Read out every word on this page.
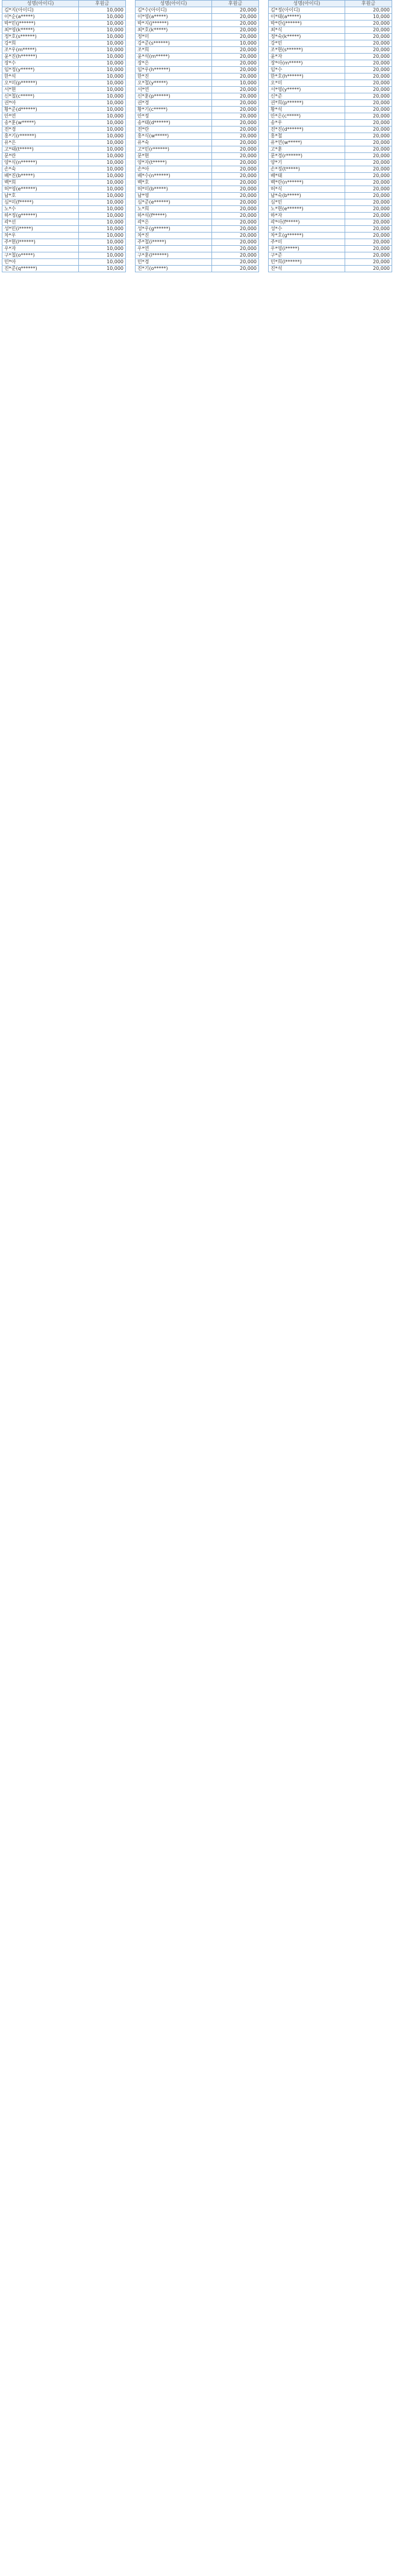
성명(아이디)	후원금
김*지(아이디)	10,000
이*순(a*****)	10,000
박*민(j******)	10,000
최*영(k*****)	10,000
정*호(s******)	10,000
강*희	10,000
조*우(m*****)	10,000
윤*진(h******)	10,000
장*수	10,000
임*정(y*****)	10,000
한*석	10,000
오*미(p******)	10,000
서*현	10,000
신*철(c*****)	10,000
권*아	10,000
황*준(d******)	10,000
안*연	10,000
송*훈(w*****)	10,000
전*경	10,000
홍*기(r******)	10,000
유*은	10,000
고*태(t*****)	10,000
문*란	10,000
양*식(n******)	10,000
손*숙	10,000
배*진(b*****)	10,000
백*희	10,000
허*영(e******)	10,000
남*호	10,000
심*미(f*****)	10,000
노*수	10,000
하*정(g******)	10,000
곽*선	10,000
성*민(i*****)	10,000
차*우	10,000
주*현(l******)	10,000
우*자	10,000
구*철(o*****)	10,000
민*아	10,000
진*준(q******)	10,000
성명(아이디)	후원금
김*수(아이디)	20,000
이*영(a*****)	20,000
박*지(j******)	20,000
최*호(k*****)	20,000
정*미	20,000
강*준(s******)	10,000
조*희	20,000
윤*석(m*****)	20,000
장*은	20,000
임*우(h******)	20,000
한*진	20,000
오*철(y*****)	10,000
서*연	20,000
신*훈(p******)	20,000
권*경	20,000
황*기(c*****)	20,000
안*정	20,000
송*태(d******)	20,000
전*란	20,000
홍*식(w*****)	20,000
유*숙	20,000
고*민(r******)	20,000
문*현	20,000
양*자(t*****)	20,000
손*아	20,000
배*수(n******)	20,000
백*호	20,000
허*미(b*****)	20,000
남*영	20,000
심*준(e******)	20,000
노*희	20,000
하*석(f*****)	20,000
곽*은	20,000
성*우(g******)	20,000
차*진	20,000
주*철(i*****)	20,000
우*연	20,000
구*훈(l******)	20,000
민*경	20,000
진*기(o*****)	20,000
성명(아이디)	후원금
김*정(아이디)	20,000
이*태(a*****)	10,000
박*란(j******)	20,000
최*식	20,000
정*숙(k*****)	20,000
강*민	20,000
조*현(s******)	20,000
윤*자	20,000
장*아(m*****)	20,000
임*수	20,000
한*호(h******)	20,000
오*미	20,000
서*영(y*****)	20,000
신*준	20,000
권*희(p******)	20,000
황*석	20,000
안*은(c*****)	20,000
송*우	20,000
전*진(d******)	20,000
홍*철	20,000
유*연(w*****)	20,000
고*훈	20,000
문*경(r******)	20,000
양*기	20,000
손*정(t*****)	20,000
배*태	20,000
백*란(n******)	20,000
허*식	20,000
남*숙(b*****)	20,000
심*민	20,000
노*현(e******)	20,000
하*자	20,000
곽*아(f*****)	20,000
성*수	20,000
차*호(g******)	20,000
주*미	20,000
우*영(i*****)	20,000
구*준	20,000
민*희(l******)	20,000
진*석	20,000
